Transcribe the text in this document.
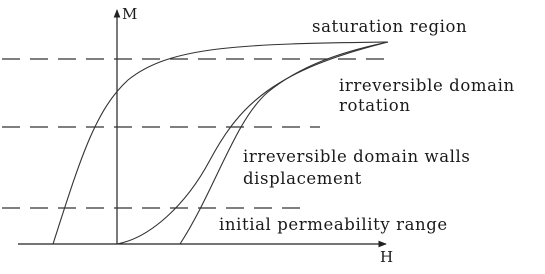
M
H
saturation region
irreversible domain
rotation
irreversible domain walls
displacement
initial permeability range
